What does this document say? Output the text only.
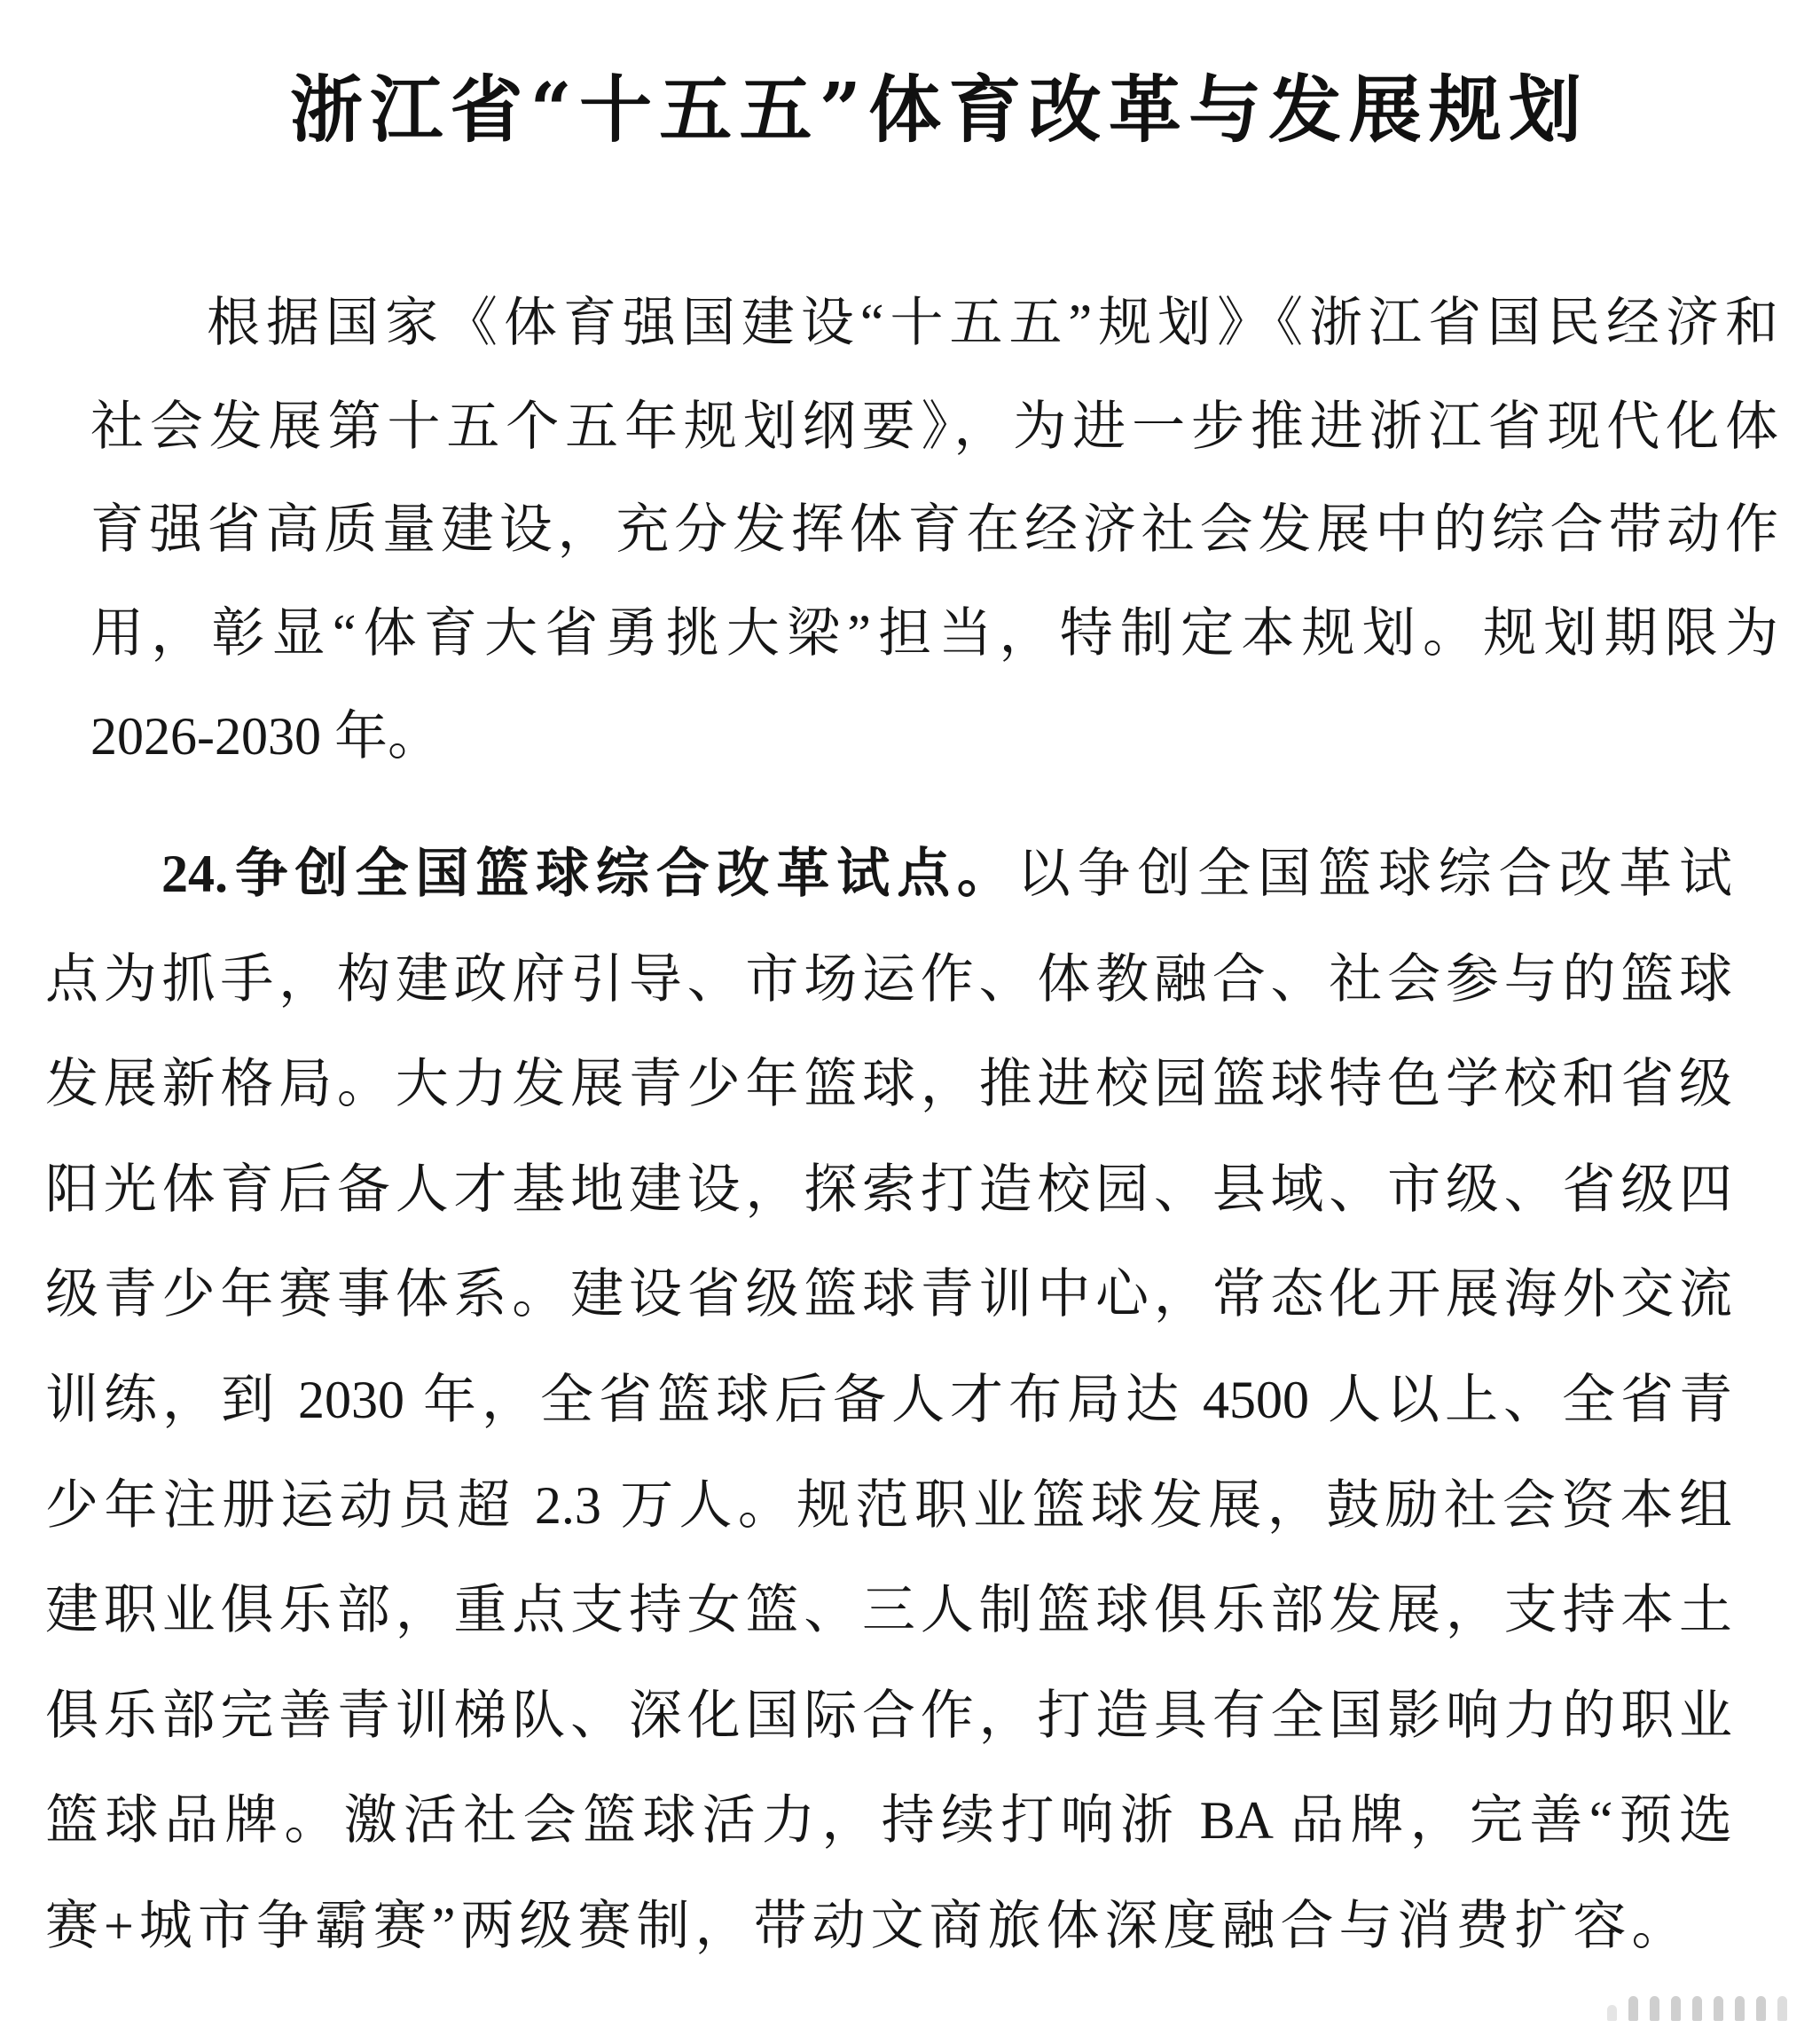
浙江省“十五五”体育改革与发展规划
根据国家《体育强国建设“十五五”规划》《浙江省国民经济和
社会发展第十五个五年规划纲要》，为进一步推进浙江省现代化体
育强省高质量建设，充分发挥体育在经济社会发展中的综合带动作
用，彰显“体育大省勇挑大梁”担当，特制定本规划。规划期限为
2026-2030 年。
24.争创全国篮球综合改革试点。以争创全国篮球综合改革试
点为抓手，构建政府引导、市场运作、体教融合、社会参与的篮球
发展新格局。大力发展青少年篮球，推进校园篮球特色学校和省级
阳光体育后备人才基地建设，探索打造校园、县域、市级、省级四
级青少年赛事体系。建设省级篮球青训中心，常态化开展海外交流
训练，到 2030 年，全省篮球后备人才布局达 4500 人以上、全省青
少年注册运动员超 2.3 万人。规范职业篮球发展，鼓励社会资本组
建职业俱乐部，重点支持女篮、三人制篮球俱乐部发展，支持本土
俱乐部完善青训梯队、深化国际合作，打造具有全国影响力的职业
篮球品牌。激活社会篮球活力，持续打响浙 BA 品牌，完善“预选
赛+城市争霸赛”两级赛制，带动文商旅体深度融合与消费扩容。
